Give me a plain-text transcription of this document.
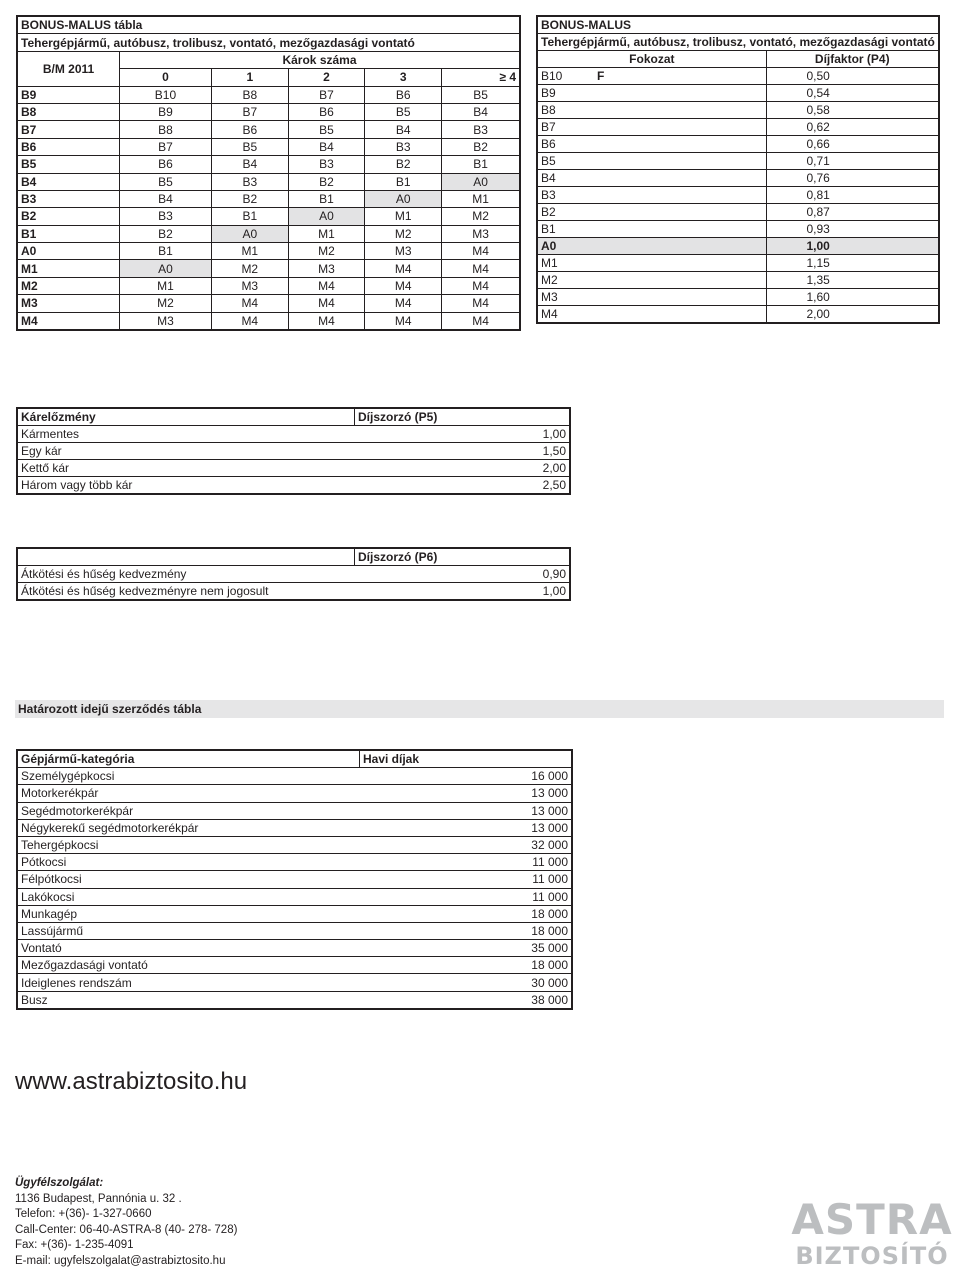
BONUS-MALUS tábla					
Tehergépjármű, autóbusz, trolibusz, vontató, mezőgazdasági vontató					
B/M 2011	Károk száma				
	0	1	2	3	≥ 4
B9	B10	B8	B7	B6	B5
B8	B9	B7	B6	B5	B4
B7	B8	B6	B5	B4	B3
B6	B7	B5	B4	B3	B2
B5	B6	B4	B3	B2	B1
B4	B5	B3	B2	B1	A0
B3	B4	B2	B1	A0	M1
B2	B3	B1	A0	M1	M2
B1	B2	A0	M1	M2	M3
A0	B1	M1	M2	M3	M4
M1	A0	M2	M3	M4	M4
M2	M1	M3	M4	M4	M4
M3	M2	M4	M4	M4	M4
M4	M3	M4	M4	M4	M4
BONUS-MALUS		
Tehergépjármű, autóbusz, trolibusz, vontató, mezőgazdasági vontató		
Fokozat		Díjfaktor (P4)
B10	F	0,50
B9		0,54
B8		0,58
B7		0,62
B6		0,66
B5		0,71
B4		0,76
B3		0,81
B2		0,87
B1		0,93
A0		1,00
M1		1,15
M2		1,35
M3		1,60
M4		2,00
Kárelőzmény	Díjszorzó (P5)
Kármentes	1,00
Egy kár	1,50
Kettő kár	2,00
Három vagy több kár	2,50
	Díjszorzó (P6)
Átkötési és hűség kedvezmény	0,90
Átkötési és hűség kedvezményre nem jogosult	1,00
Határozott idejű szerződés tábla
Gépjármű-kategória	Havi díjak
Személygépkocsi	16 000
Motorkerékpár	13 000
Segédmotorkerékpár	13 000
Négykerekű segédmotorkerékpár	13 000
Tehergépkocsi	32 000
Pótkocsi	11 000
Félpótkocsi	11 000
Lakókocsi	11 000
Munkagép	18 000
Lassújármű	18 000
Vontató	35 000
Mezőgazdasági vontató	18 000
Ideiglenes rendszám	30 000
Busz	38 000
www.astrabiztosito.hu
Ügyfélszolgálat:
1136 Budapest, Pannónia u. 32 .
Telefon: +(36)- 1-327-0660
Call-Center: 06-40-ASTRA-8 (40- 278- 728)
Fax: +(36)- 1-235-4091
E-mail: ugyfelszolgalat@astrabiztosito.hu
ASTRA
BIZTOSÍTÓ
